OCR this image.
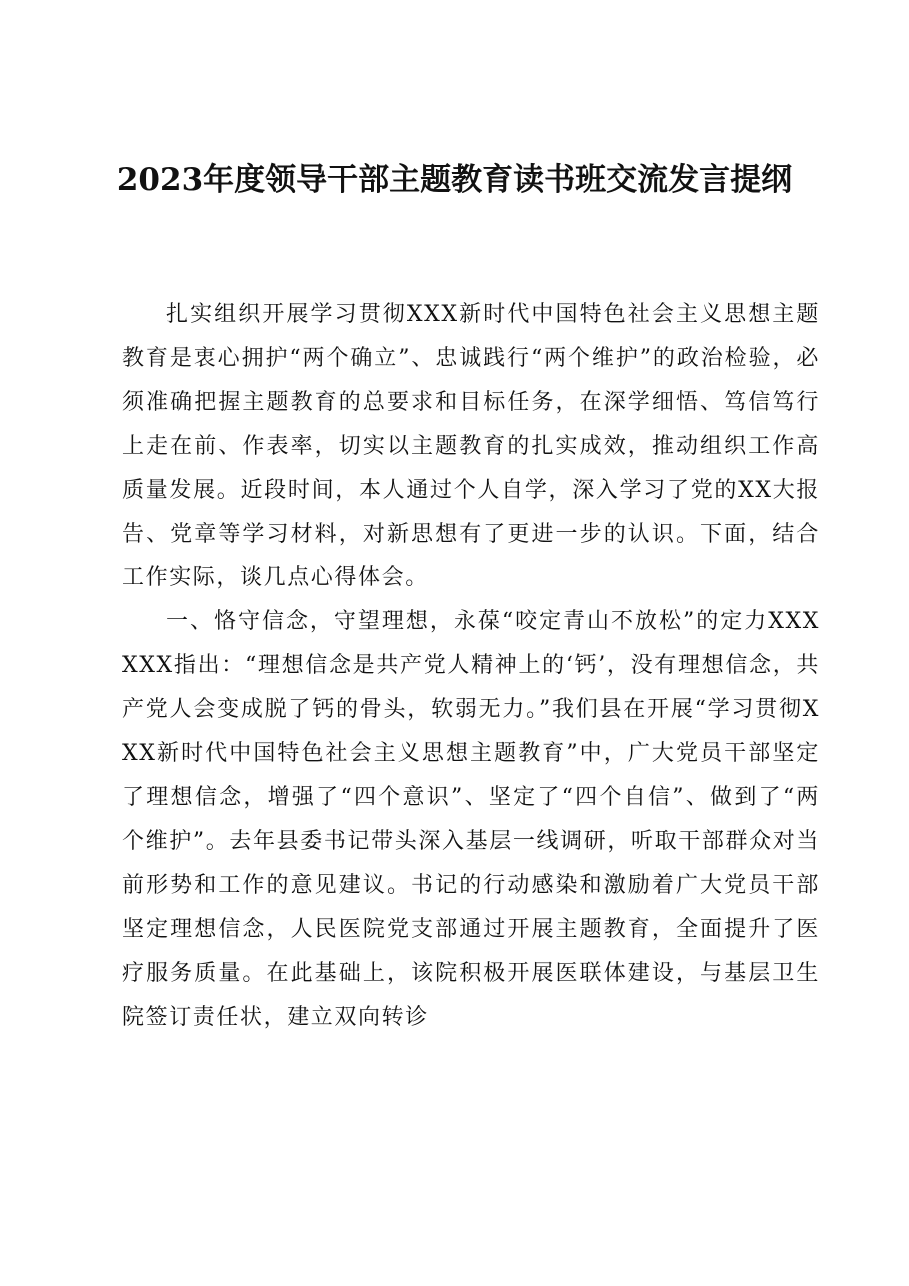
2023年度领导干部主题教育读书班交流发言提纲

扎实组织开展学习贯彻XXX新时代中国特色社会主义思想主题教育是衷心拥护“两个确立”、忠诚践行“两个维护”的政治检验，必须准确把握主题教育的总要求和目标任务，在深学细悟、笃信笃行上走在前、作表率，切实以主题教育的扎实成效，推动组织工作高质量发展。近段时间，本人通过个人自学，深入学习了党的XX大报告、党章等学习材料，对新思想有了更进一步的认识。下面，结合工作实际，谈几点心得体会。

一、恪守信念，守望理想，永葆“咬定青山不放松”的定力XXXXXX指出：“理想信念是共产党人精神上的‘钙’，没有理想信念，共产党人会变成脱了钙的骨头，软弱无力。”我们县在开展“学习贯彻XXX新时代中国特色社会主义思想主题教育”中，广大党员干部坚定了理想信念，增强了“四个意识”、坚定了“四个自信”、做到了“两个维护”。去年县委书记带头深入基层一线调研，听取干部群众对当前形势和工作的意见建议。书记的行动感染和激励着广大党员干部坚定理想信念，人民医院党支部通过开展主题教育，全面提升了医疗服务质量。在此基础上，该院积极开展医联体建设，与基层卫生院签订责任状，建立双向转诊
